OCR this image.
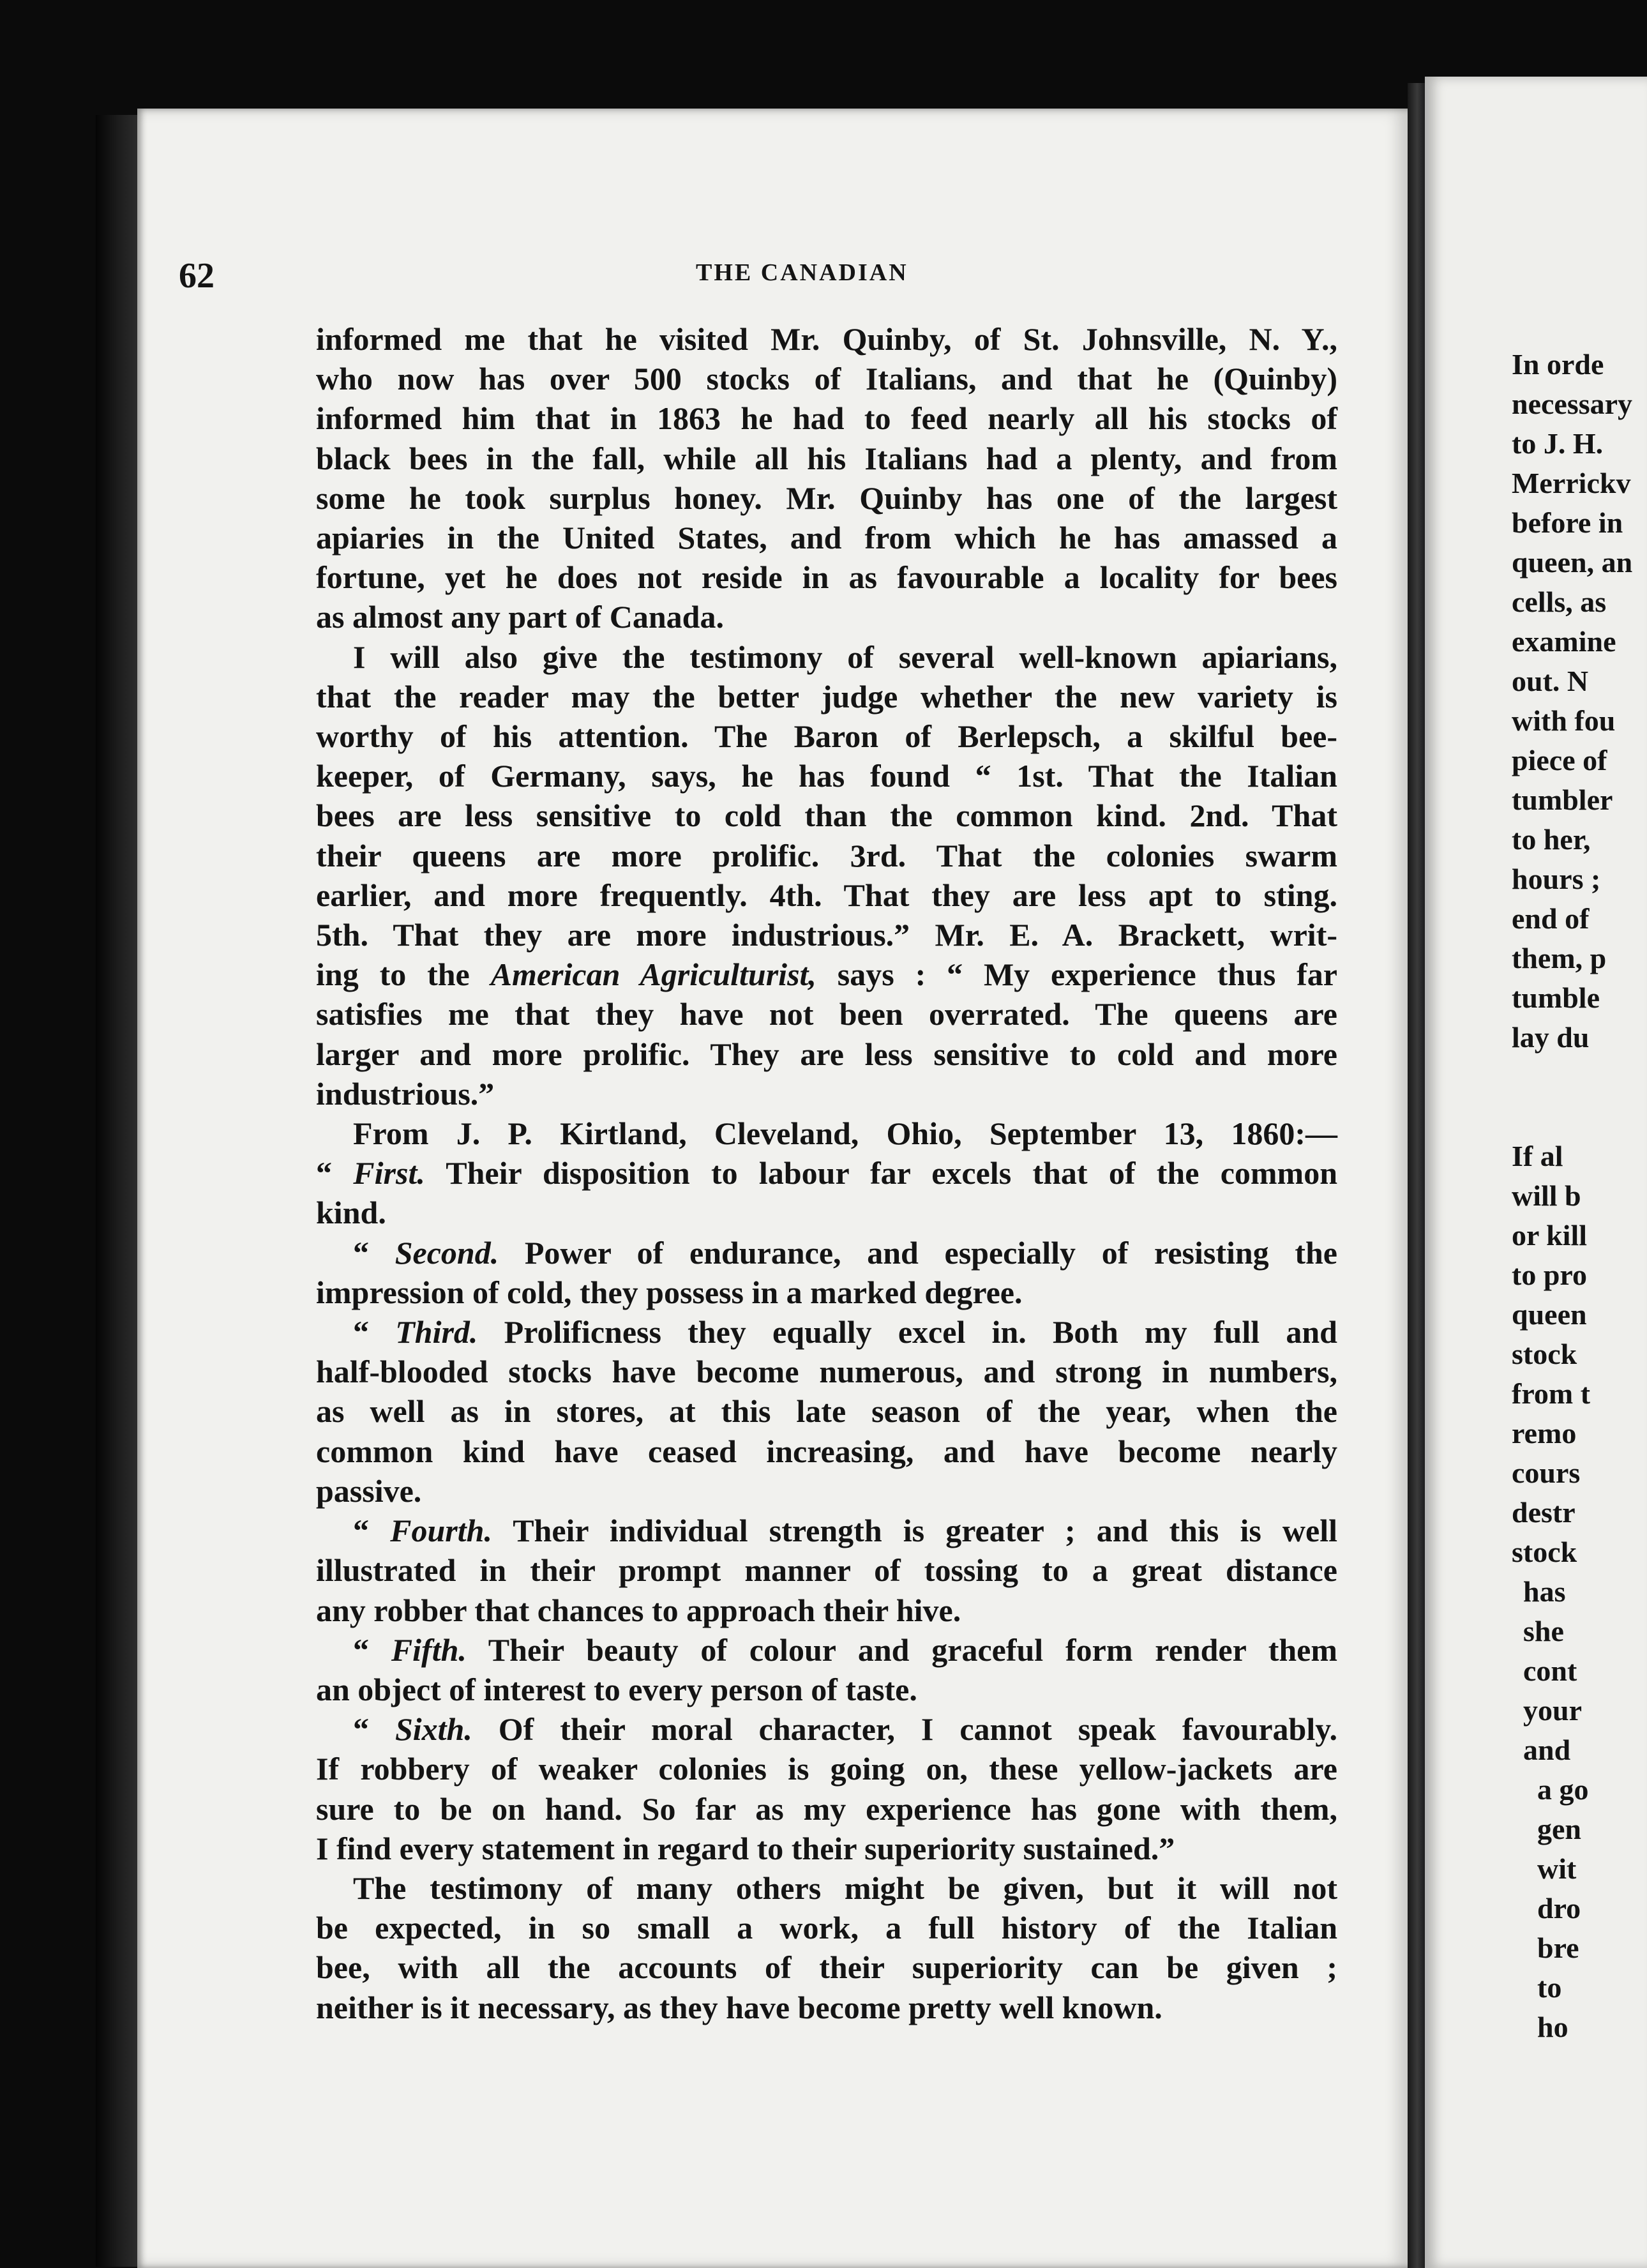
62	THE CANADIAN
informed me that he visited Mr. Quinby, of St. Johnsville, N. Y.,
who now has over 500 stocks of Italians, and that he (Quinby)
informed him that in 1863 he had to feed nearly all his stocks of
black bees in the fall, while all his Italians had a plenty, and from
some he took surplus honey. Mr. Quinby has one of the largest
apiaries in the United States, and from which he has amassed a
fortune, yet he does not reside in as favourable a locality for bees
as almost any part of Canada.
I will also give the testimony of several well-known apiarians,
that the reader may the better judge whether the new variety is
worthy of his attention. The Baron of Berlepsch, a skilful bee-
keeper, of Germany, says, he has found “ 1st. That the Italian
bees are less sensitive to cold than the common kind. 2nd. That
their queens are more prolific. 3rd. That the colonies swarm
earlier, and more frequently. 4th. That they are less apt to sting.
5th. That they are more industrious.” Mr. E. A. Brackett, writ-
ing to the American Agriculturist, says : “ My experience thus far
satisfies me that they have not been overrated. The queens are
larger and more prolific. They are less sensitive to cold and more
industrious.”
From J. P. Kirtland, Cleveland, Ohio, September 13, 1860:—
“ First. Their disposition to labour far excels that of the common
kind.
“ Second. Power of endurance, and especially of resisting the
impression of cold, they possess in a marked degree.
“ Third. Prolificness they equally excel in. Both my full and
half-blooded stocks have become numerous, and strong in numbers,
as well as in stores, at this late season of the year, when the
common kind have ceased increasing, and have become nearly
passive.
“ Fourth. Their individual strength is greater ; and this is well
illustrated in their prompt manner of tossing to a great distance
any robber that chances to approach their hive.
“ Fifth. Their beauty of colour and graceful form render them
an object of interest to every person of taste.
“ Sixth. Of their moral character, I cannot speak favourably.
If robbery of weaker colonies is going on, these yellow-jackets are
sure to be on hand. So far as my experience has gone with them,
I find every statement in regard to their superiority sustained.”
The testimony of many others might be given, but it will not
be expected, in so small a work, a full history of the Italian
bee, with all the accounts of their superiority can be given ;
neither is it necessary, as they have become pretty well known.
In orde
necessary
to J. H.
Merrickv
before in
queen, an
cells, as
examine
out. N
with fou
piece of
tumbler
to her,
hours ;
end of
them, p
tumble
lay du
If al
will b
or kill
to pro
queen
stock
from t
remo
cours
destr
stock
has
she
cont
your
and
a go
gen
wit
dro
bre
to
ho
